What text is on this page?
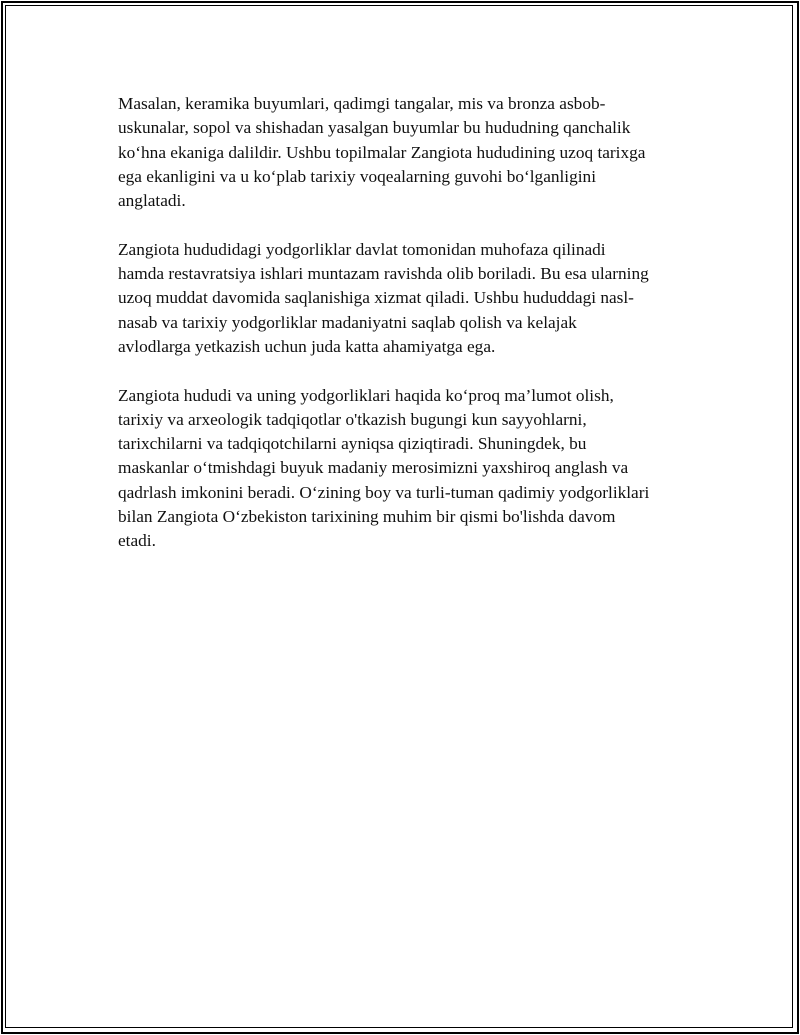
Masalan, keramika buyumlari, qadimgi tangalar, mis va bronza asbob-
uskunalar, sopol va shishadan yasalgan buyumlar bu hududning qanchalik
ko‘hna ekaniga dalildir. Ushbu topilmalar Zangiota hududining uzoq tarixga
ega ekanligini va u ko‘plab tarixiy voqealarning guvohi bo‘lganligini
anglatadi.

Zangiota hududidagi yodgorliklar davlat tomonidan muhofaza qilinadi
hamda restavratsiya ishlari muntazam ravishda olib boriladi. Bu esa ularning
uzoq muddat davomida saqlanishiga xizmat qiladi. Ushbu hududdagi nasl-
nasab va tarixiy yodgorliklar madaniyatni saqlab qolish va kelajak
avlodlarga yetkazish uchun juda katta ahamiyatga ega.

Zangiota hududi va uning yodgorliklari haqida ko‘proq ma’lumot olish,
tarixiy va arxeologik tadqiqotlar o'tkazish bugungi kun sayyohlarni,
tarixchilarni va tadqiqotchilarni ayniqsa qiziqtiradi. Shuningdek, bu
maskanlar o‘tmishdagi buyuk madaniy merosimizni yaxshiroq anglash va
qadrlash imkonini beradi. O‘zining boy va turli-tuman qadimiy yodgorliklari
bilan Zangiota O‘zbekiston tarixining muhim bir qismi bo'lishda davom
etadi.
